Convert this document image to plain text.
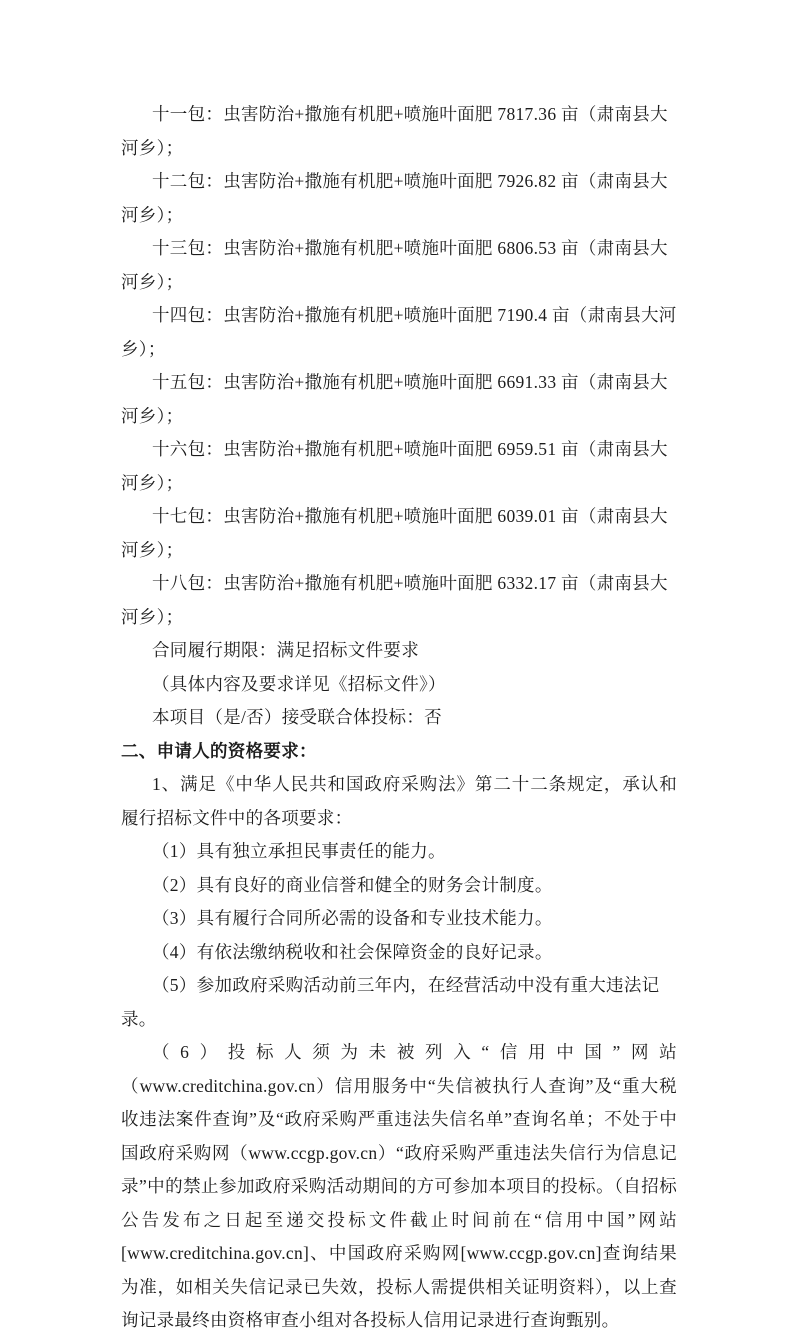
十一包：虫害防治+撒施有机肥+喷施叶面肥 7817.36 亩（肃南县大河乡）；

十二包：虫害防治+撒施有机肥+喷施叶面肥 7926.82 亩（肃南县大河乡）；

十三包：虫害防治+撒施有机肥+喷施叶面肥 6806.53 亩（肃南县大河乡）；

十四包：虫害防治+撒施有机肥+喷施叶面肥 7190.4 亩（肃南县大河乡）；

十五包：虫害防治+撒施有机肥+喷施叶面肥 6691.33 亩（肃南县大河乡）；

十六包：虫害防治+撒施有机肥+喷施叶面肥 6959.51 亩（肃南县大河乡）；

十七包：虫害防治+撒施有机肥+喷施叶面肥 6039.01 亩（肃南县大河乡）；

十八包：虫害防治+撒施有机肥+喷施叶面肥 6332.17 亩（肃南县大河乡）；

合同履行期限：满足招标文件要求

（具体内容及要求详见《招标文件》）

本项目（是/否）接受联合体投标：否

二、申请人的资格要求：

1、满足《中华人民共和国政府采购法》第二十二条规定，承认和履行招标文件中的各项要求：

（1）具有独立承担民事责任的能力。

（2）具有良好的商业信誉和健全的财务会计制度。

（3）具有履行合同所必需的设备和专业技术能力。

（4）有依法缴纳税收和社会保障资金的良好记录。

（5）参加政府采购活动前三年内，在经营活动中没有重大违法记录。

（6）投标人须为未被列入“信用中国”网站（www.creditchina.gov.cn）信用服务中“失信被执行人查询”及“重大税收违法案件查询”及“政府采购严重违法失信名单”查询名单；不处于中国政府采购网（www.ccgp.gov.cn）“政府采购严重违法失信行为信息记录”中的禁止参加政府采购活动期间的方可参加本项目的投标。（自招标公告发布之日起至递交投标文件截止时间前在“信用中国”网站[www.creditchina.gov.cn]、中国政府采购网[www.ccgp.gov.cn]查询结果为准，如相关失信记录已失效，投标人需提供相关证明资料），以上查询记录最终由资格审查小组对各投标人信用记录进行查询甄别。
